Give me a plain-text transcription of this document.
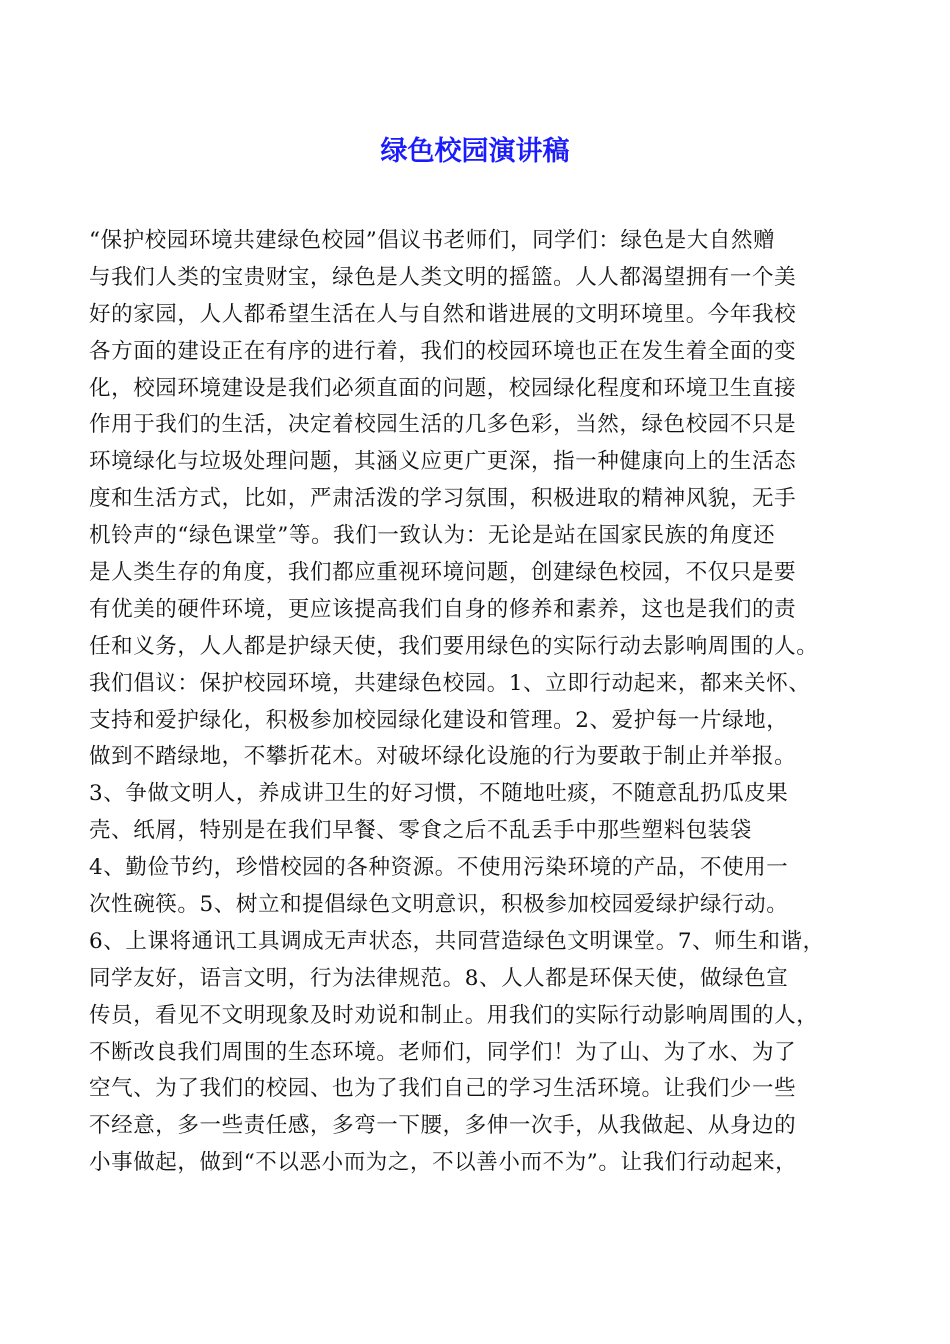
绿色校园演讲稿
“保护校园环境共建绿色校园”倡议书老师们，同学们：绿色是大自然赠
与我们人类的宝贵财宝，绿色是人类文明的摇篮。人人都渴望拥有一个美
好的家园，人人都希望生活在人与自然和谐进展的文明环境里。今年我校
各方面的建设正在有序的进行着，我们的校园环境也正在发生着全面的变
化，校园环境建设是我们必须直面的问题，校园绿化程度和环境卫生直接
作用于我们的生活，决定着校园生活的几多色彩，当然，绿色校园不只是
环境绿化与垃圾处理问题，其涵义应更广更深，指一种健康向上的生活态
度和生活方式，比如，严肃活泼的学习氛围，积极进取的精神风貌，无手
机铃声的“绿色课堂”等。我们一致认为：无论是站在国家民族的角度还
是人类生存的角度，我们都应重视环境问题，创建绿色校园，不仅只是要
有优美的硬件环境，更应该提高我们自身的修养和素养，这也是我们的责
任和义务，人人都是护绿天使，我们要用绿色的实际行动去影响周围的人。
我们倡议：保护校园环境，共建绿色校园。1、立即行动起来，都来关怀、
支持和爱护绿化，积极参加校园绿化建设和管理。2、爱护每一片绿地，
做到不踏绿地，不攀折花木。对破坏绿化设施的行为要敢于制止并举报。
3、争做文明人，养成讲卫生的好习惯，不随地吐痰，不随意乱扔瓜皮果
壳、纸屑，特别是在我们早餐、零食之后不乱丢手中那些塑料包装袋
4、勤俭节约，珍惜校园的各种资源。不使用污染环境的产品，不使用一
次性碗筷。5、树立和提倡绿色文明意识，积极参加校园爱绿护绿行动。
6、上课将通讯工具调成无声状态，共同营造绿色文明课堂。7、师生和谐，
同学友好，语言文明，行为法律规范。8、人人都是环保天使，做绿色宣
传员，看见不文明现象及时劝说和制止。用我们的实际行动影响周围的人，
不断改良我们周围的生态环境。老师们，同学们！为了山、为了水、为了
空气、为了我们的校园、也为了我们自己的学习生活环境。让我们少一些
不经意，多一些责任感，多弯一下腰，多伸一次手，从我做起、从身边的
小事做起，做到“不以恶小而为之，不以善小而不为”。让我们行动起来，
